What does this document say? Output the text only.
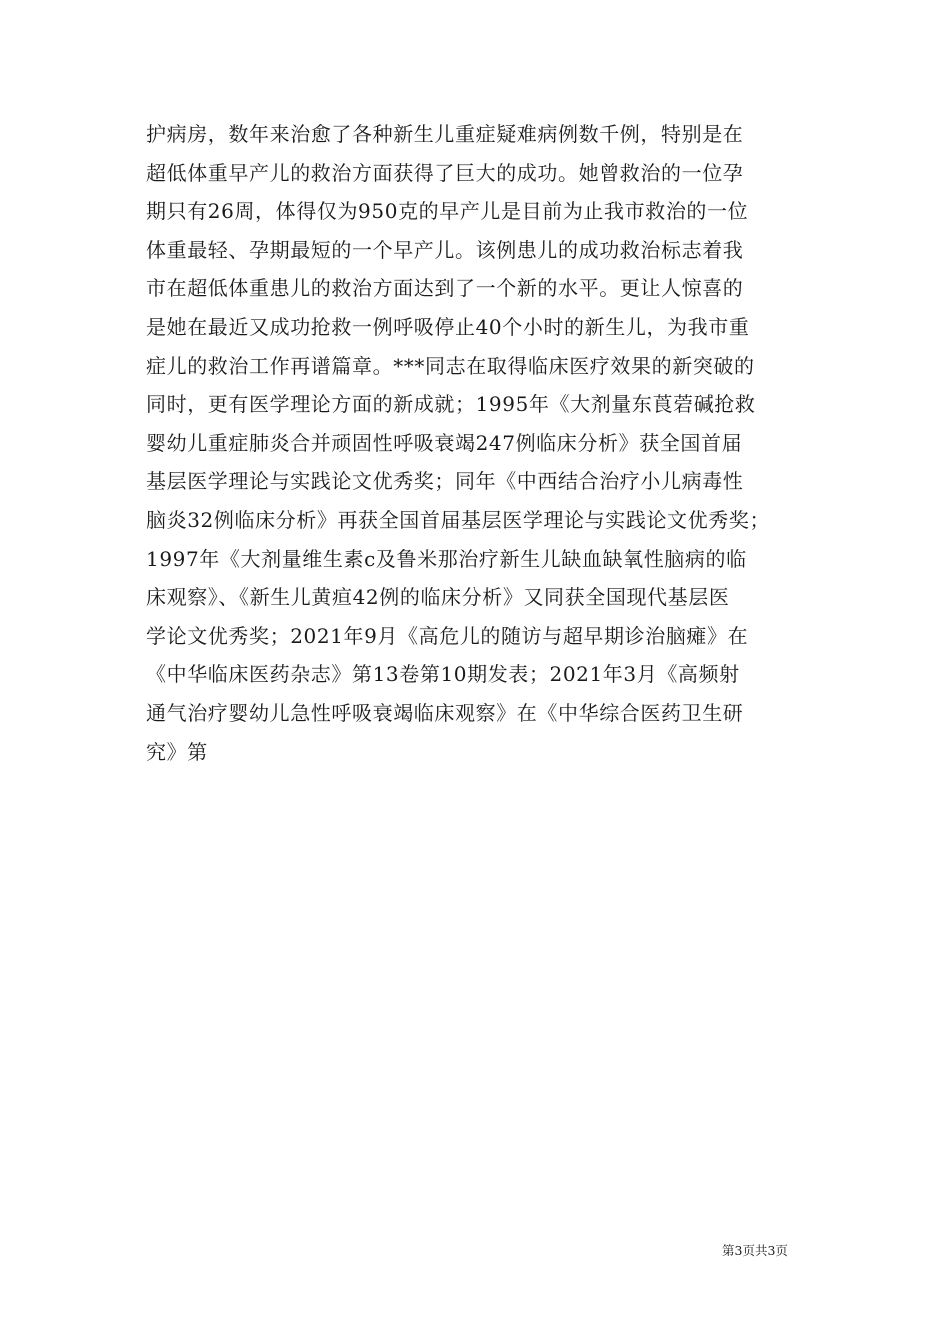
护病房，数年来治愈了各种新生儿重症疑难病例数千例，特别是在
超低体重早产儿的救治方面获得了巨大的成功。她曾救治的一位孕
期只有26周，体得仅为950克的早产儿是目前为止我市救治的一位
体重最轻、孕期最短的一个早产儿。该例患儿的成功救治标志着我
市在超低体重患儿的救治方面达到了一个新的水平。更让人惊喜的
是她在最近又成功抢救一例呼吸停止40个小时的新生儿，为我市重
症儿的救治工作再谱篇章。***同志在取得临床医疗效果的新突破的
同时，更有医学理论方面的新成就；1995年《大剂量东莨菪碱抢救
婴幼儿重症肺炎合并顽固性呼吸衰竭247例临床分析》获全国首届
基层医学理论与实践论文优秀奖；同年《中西结合治疗小儿病毒性
脑炎32例临床分析》再获全国首届基层医学理论与实践论文优秀奖；
1997年《大剂量维生素c及鲁米那治疗新生儿缺血缺氧性脑病的临
床观察》、《新生儿黄疸42例的临床分析》又同获全国现代基层医
学论文优秀奖；2021年9月《高危儿的随访与超早期诊治脑瘫》在
《中华临床医药杂志》第13卷第10期发表；2021年3月《高频射
通气治疗婴幼儿急性呼吸衰竭临床观察》在《中华综合医药卫生研
究》第
第3页共3页
